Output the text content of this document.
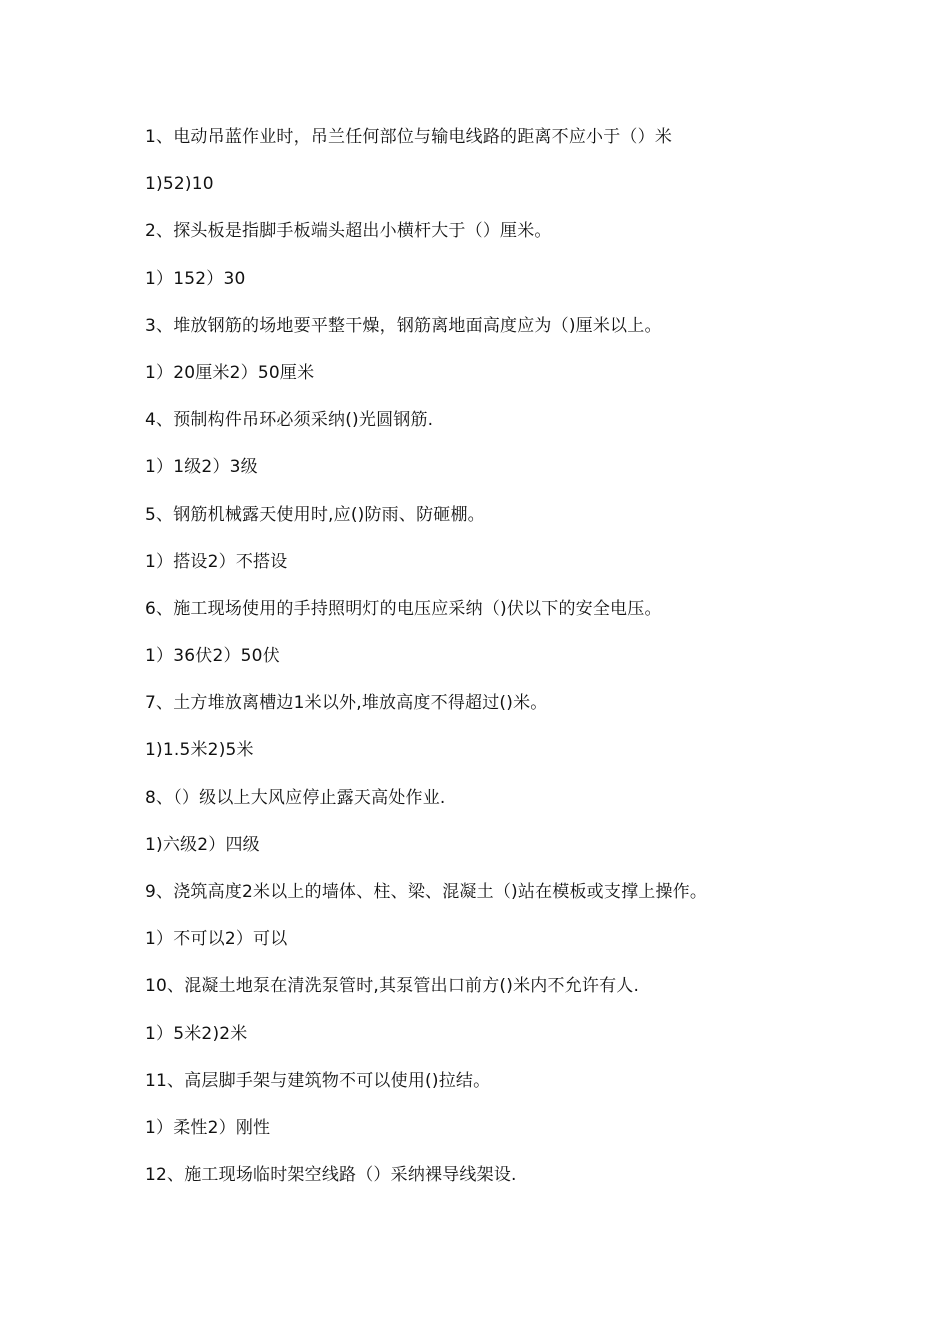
1、电动吊蓝作业时，吊兰任何部位与输电线路的距离不应小于（）米
1)52)10
2、探头板是指脚手板端头超出小横杆大于（）厘米。
1）152）30
3、堆放钢筋的场地要平整干燥，钢筋离地面高度应为（)厘米以上。
1）20厘米2）50厘米
4、预制构件吊环必须采纳()光圆钢筋.
1）1级2）3级
5、钢筋机械露天使用时,应()防雨、防砸棚。
1）搭设2）不搭设
6、施工现场使用的手持照明灯的电压应采纳（)伏以下的安全电压。
1）36伏2）50伏
7、土方堆放离槽边1米以外,堆放高度不得超过()米。
1)1.5米2)5米
8、（）级以上大风应停止露天高处作业.
1)六级2）四级
9、浇筑高度2米以上的墙体、柱、梁、混凝土（)站在模板或支撑上操作。
1）不可以2）可以
10、混凝土地泵在清洗泵管时,其泵管出口前方()米内不允许有人.
1）5米2)2米
11、高层脚手架与建筑物不可以使用()拉结。
1）柔性2）刚性
12、施工现场临时架空线路（）采纳裸导线架设.
